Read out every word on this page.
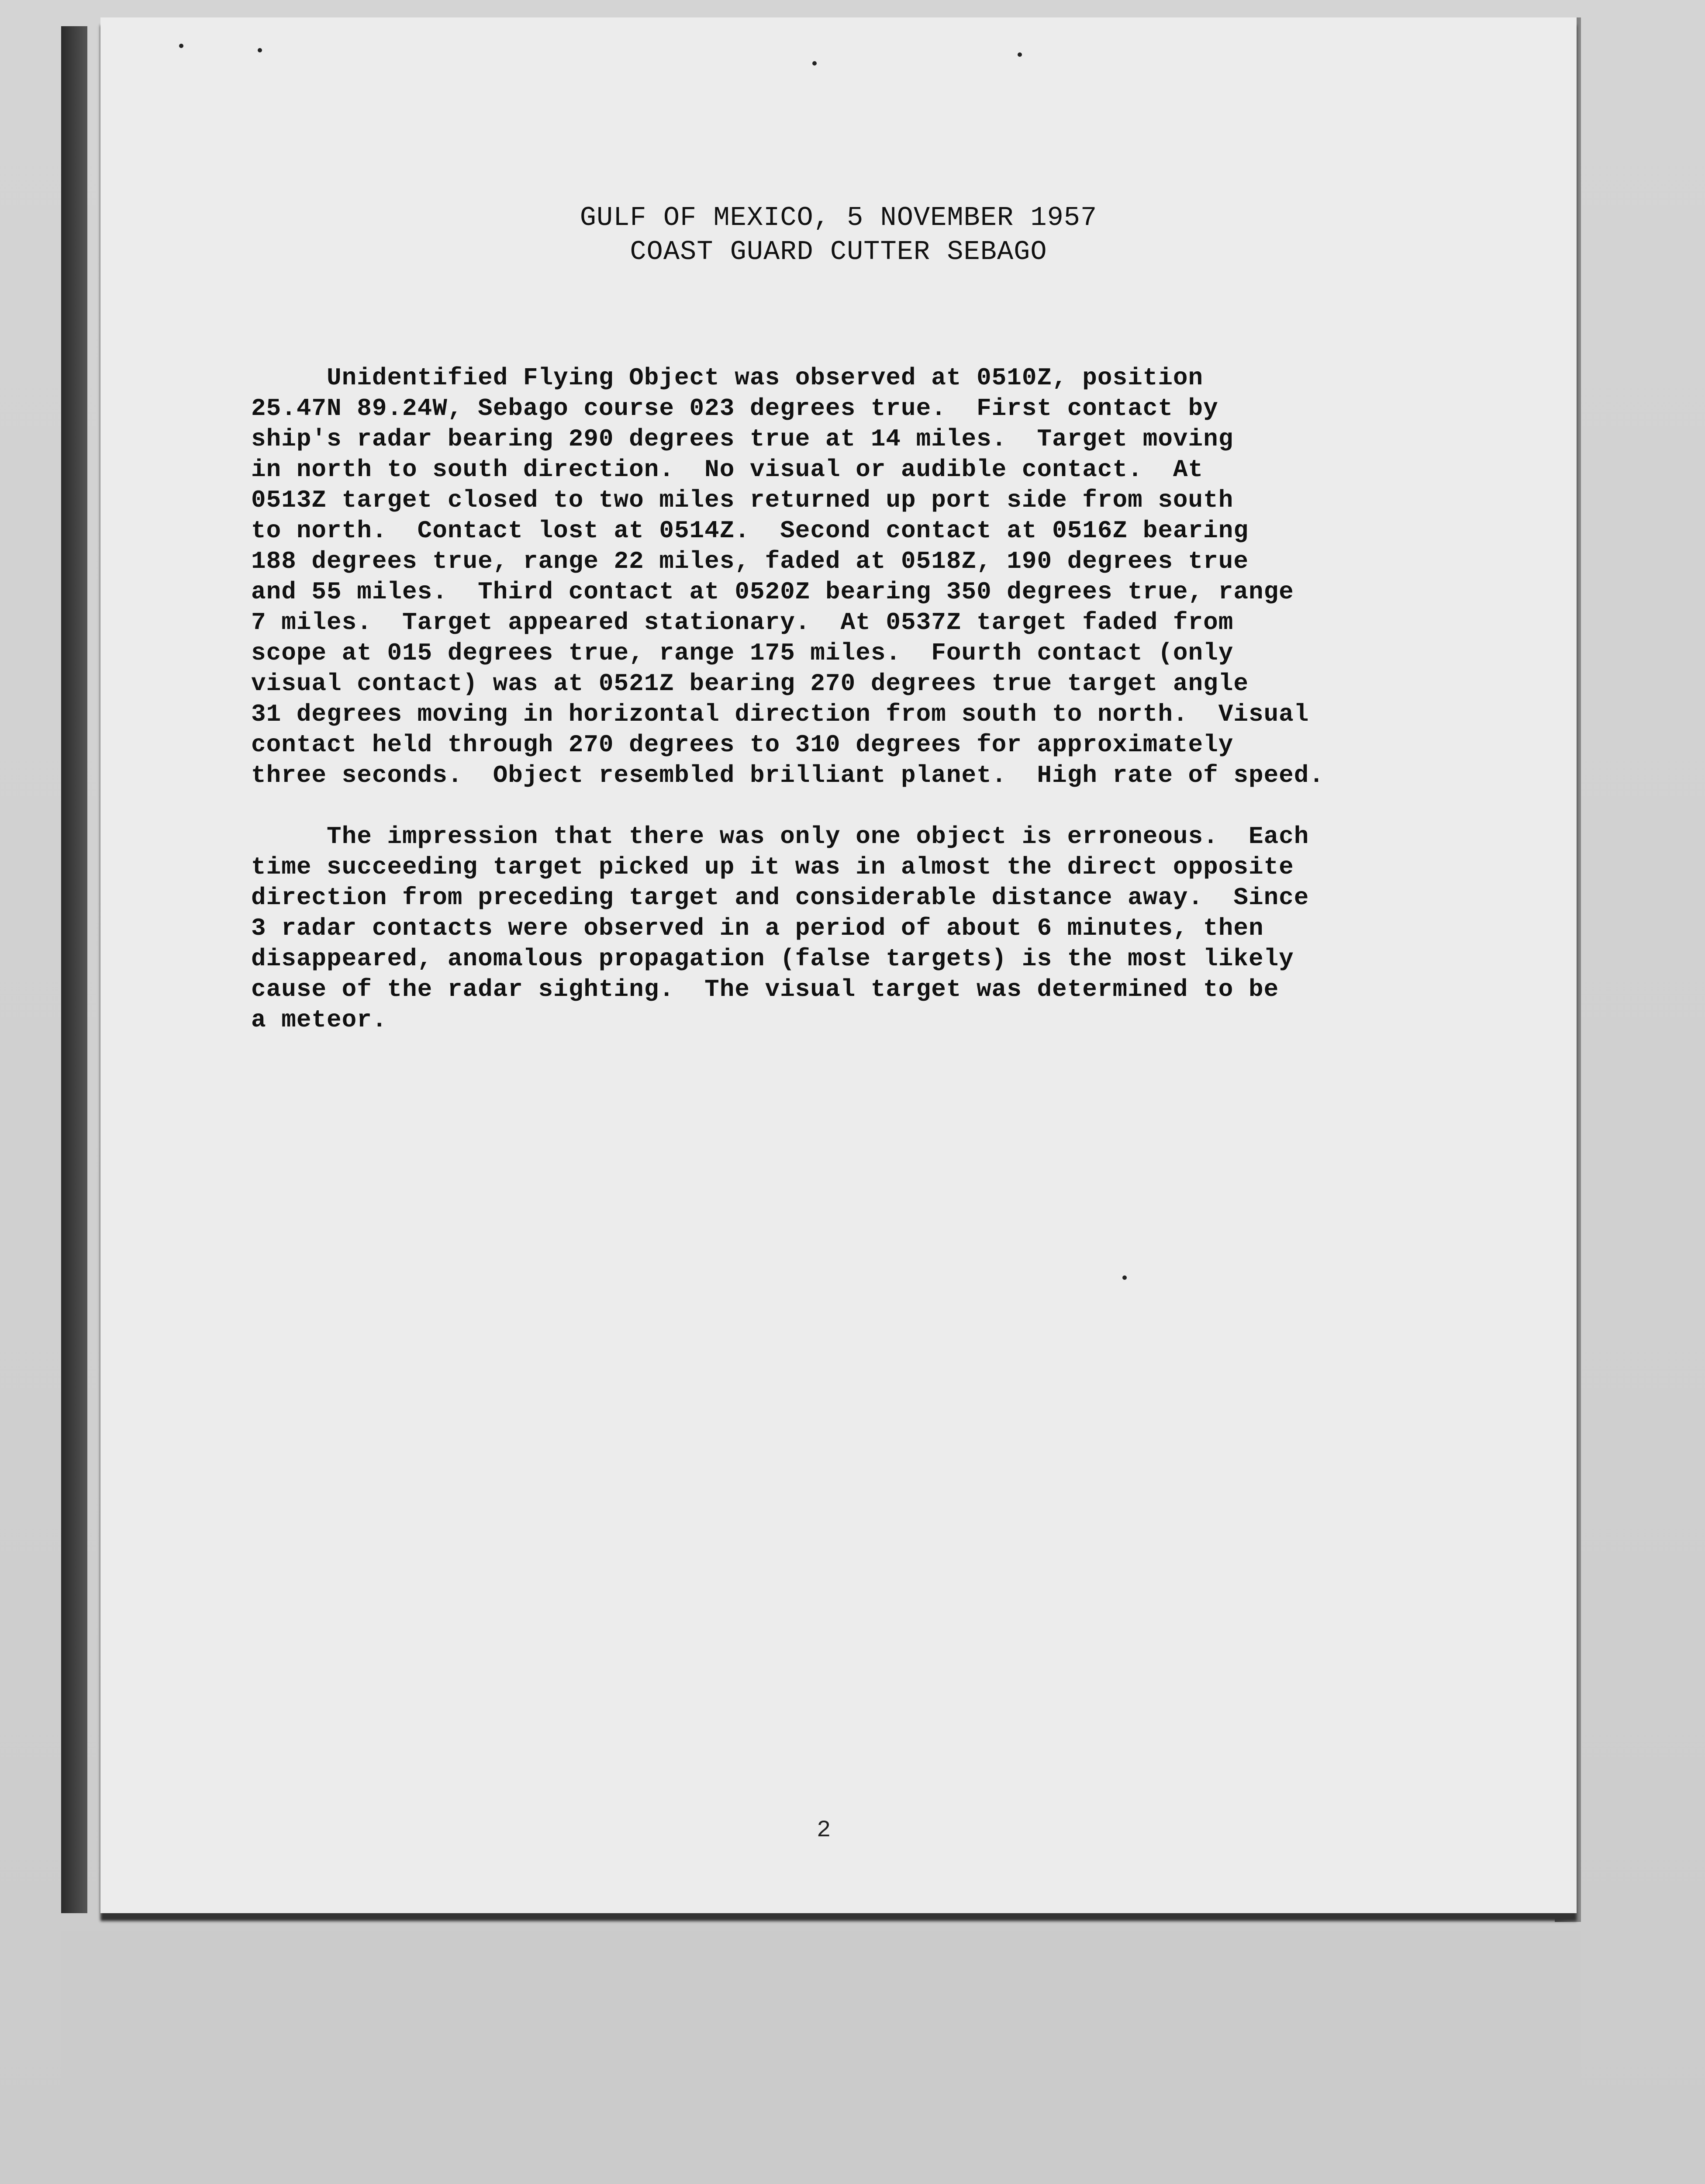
GULF OF MEXICO, 5 NOVEMBER 1957
COAST GUARD CUTTER SEBAGO
Unidentified Flying Object was observed at 0510Z, position
25.47N 89.24W, Sebago course 023 degrees true.  First contact by
ship's radar bearing 290 degrees true at 14 miles.  Target moving
in north to south direction.  No visual or audible contact.  At
0513Z target closed to two miles returned up port side from south
to north.  Contact lost at 0514Z.  Second contact at 0516Z bearing
188 degrees true, range 22 miles, faded at 0518Z, 190 degrees true
and 55 miles.  Third contact at 0520Z bearing 350 degrees true, range
7 miles.  Target appeared stationary.  At 0537Z target faded from
scope at 015 degrees true, range 175 miles.  Fourth contact (only
visual contact) was at 0521Z bearing 270 degrees true target angle
31 degrees moving in horizontal direction from south to north.  Visual
contact held through 270 degrees to 310 degrees for approximately
three seconds.  Object resembled brilliant planet.  High rate of speed.
The impression that there was only one object is erroneous.  Each
time succeeding target picked up it was in almost the direct opposite
direction from preceding target and considerable distance away.  Since
3 radar contacts were observed in a period of about 6 minutes, then
disappeared, anomalous propagation (false targets) is the most likely
cause of the radar sighting.  The visual target was determined to be
a meteor.
2
